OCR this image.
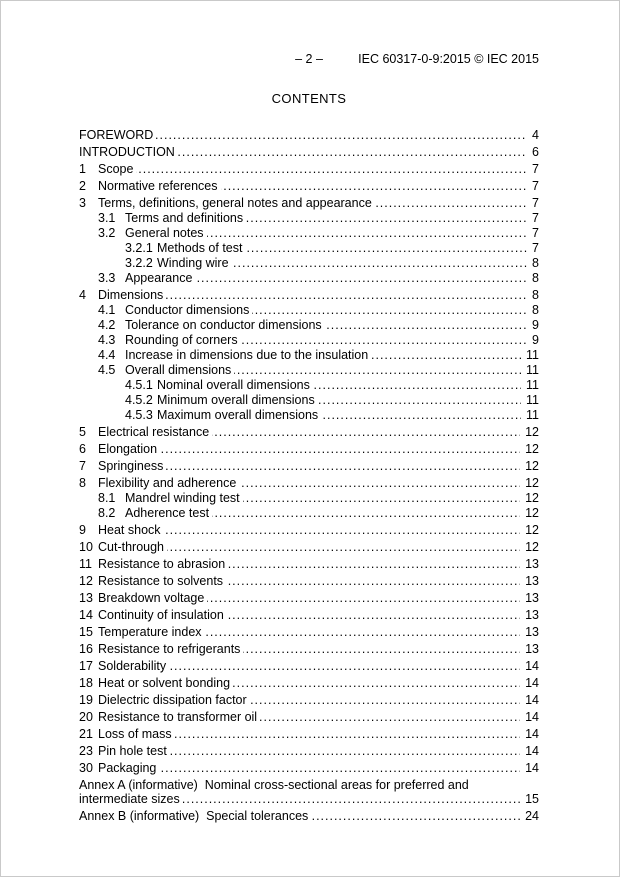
– 2 –	IEC 60317-0-9:2015 © IEC 2015
CONTENTS
..... FOREWORD	4
..... INTRODUCTION	6
..... 1 Scope	7
..... 2 Normative references	7
..... 3 Terms, definitions, general notes and appearance	7
..... 3.1 Terms and definitions	7
..... 3.2 General notes	7
..... 3.2.1 Methods of test	7
..... 3.2.2 Winding wire	8
..... 3.3 Appearance	8
..... 4 Dimensions	8
..... 4.1 Conductor dimensions	8
..... 4.2 Tolerance on conductor dimensions	9
..... 4.3 Rounding of corners	9
..... 4.4 Increase in dimensions due to the insulation	11
..... 4.5 Overall dimensions	11
..... 4.5.1 Nominal overall dimensions	11
..... 4.5.2 Minimum overall dimensions	11
..... 4.5.3 Maximum overall dimensions	11
..... 5 Electrical resistance	12
..... 6 Elongation	12
..... 7 Springiness	12
..... 8 Flexibility and adherence	12
..... 8.1 Mandrel winding test	12
..... 8.2 Adherence test	12
..... 9 Heat shock	12
..... 10 Cut-through	12
..... 11 Resistance to abrasion	13
..... 12 Resistance to solvents	13
..... 13 Breakdown voltage	13
..... 14 Continuity of insulation	13
..... 15 Temperature index	13
..... 16 Resistance to refrigerants	13
..... 17 Solderability	14
..... 18 Heat or solvent bonding	14
..... 19 Dielectric dissipation factor	14
..... 20 Resistance to transformer oil	14
..... 21 Loss of mass	14
..... 23 Pin hole test	14
..... 30 Packaging	14
..... Annex A (informative)  Nominal cross-sectional areas for preferred and intermediate sizes	15
..... Annex B (informative)  Special tolerances	24
